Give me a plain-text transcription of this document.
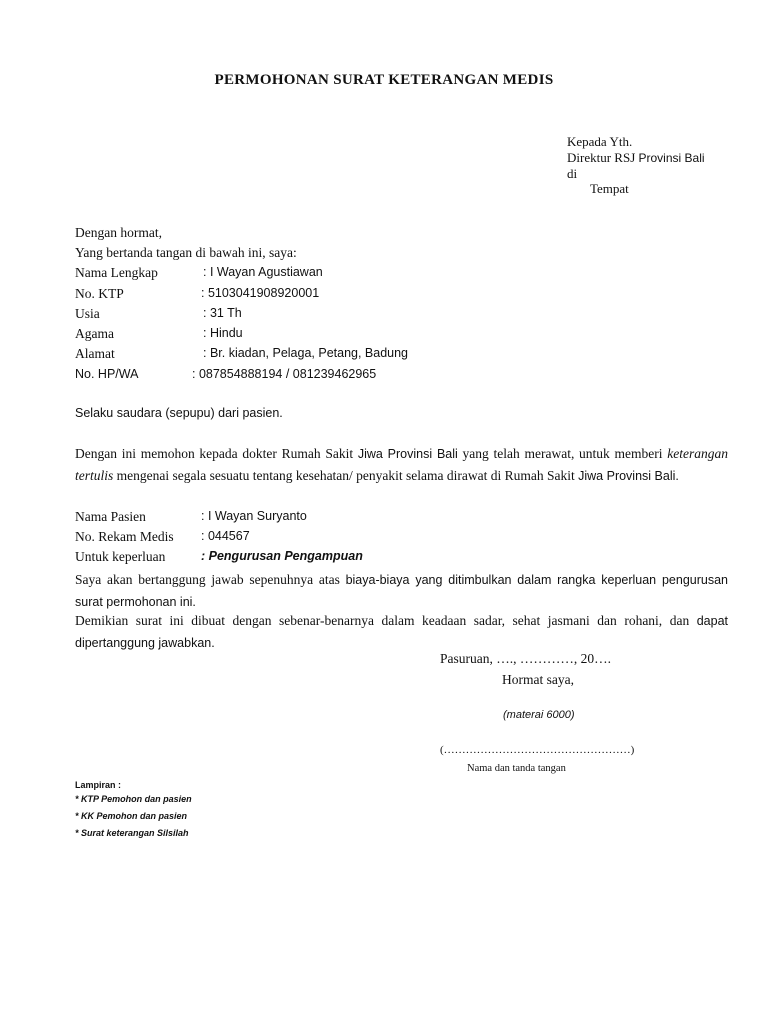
PERMOHONAN SURAT KETERANGAN MEDIS
Kepada Yth.
Direktur RSJ Provinsi Bali
di
Tempat
Dengan hormat,
Yang bertanda tangan di bawah ini, saya:
Nama Lengkap	: I Wayan Agustiawan
No. KTP	: 5103041908920001
Usia	: 31 Th
Agama	: Hindu
Alamat	: Br. kiadan, Pelaga, Petang, Badung
No. HP/WA	: 087854888194 / 081239462965
Selaku saudara (sepupu) dari pasien.
Dengan ini memohon kepada dokter Rumah Sakit Jiwa Provinsi Bali yang telah merawat, untuk memberi keterangan tertulis mengenai segala sesuatu tentang kesehatan/ penyakit selama dirawat di Rumah Sakit Jiwa Provinsi Bali.
Nama Pasien	: I Wayan Suryanto
No. Rekam Medis : 044567
Untuk keperluan	: Pengurusan Pengampuan
Saya akan bertanggung jawab sepenuhnya atas biaya-biaya yang ditimbulkan dalam rangka keperluan pengurusan surat permohonan ini.
Demikian surat ini dibuat dengan sebenar-benarnya dalam keadaan sadar, sehat jasmani dan rohani, dan dapat dipertanggung jawabkan.
Pasuruan, …., …………, 20….
Hormat saya,
(materai 6000)
(……………………………………………)
Nama dan tanda tangan
Lampiran :
* KTP Pemohon dan pasien
* KK Pemohon dan pasien
* Surat keterangan Silsilah
